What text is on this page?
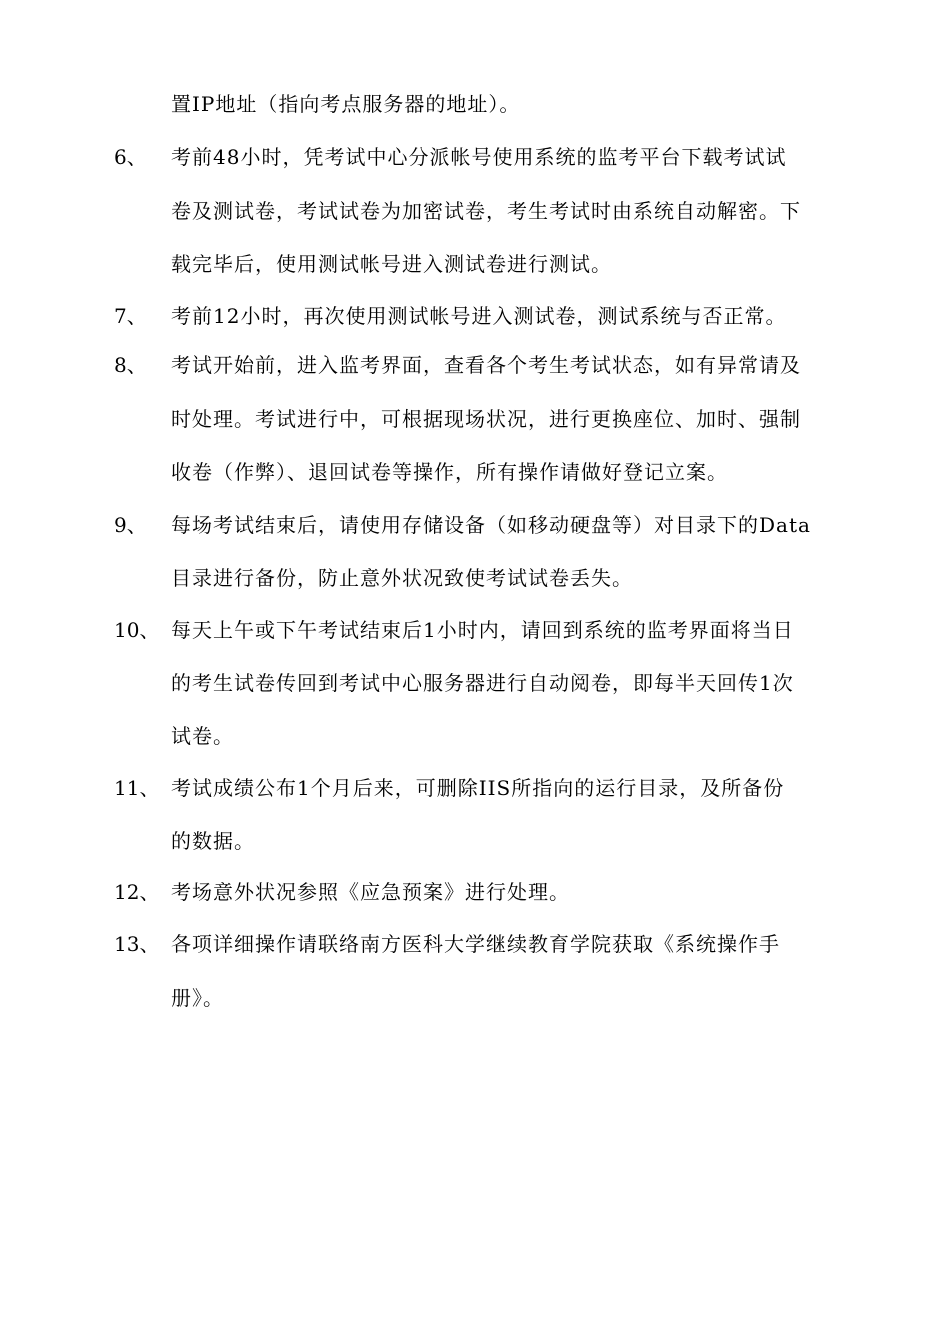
置IP地址（指向考点服务器的地址）。
6、 考前48小时，凭考试中心分派帐号使用系统的监考平台下载考试试
卷及测试卷，考试试卷为加密试卷，考生考试时由系统自动解密。下
载完毕后，使用测试帐号进入测试卷进行测试。
7、 考前12小时，再次使用测试帐号进入测试卷，测试系统与否正常。
8、 考试开始前，进入监考界面，查看各个考生考试状态，如有异常请及
时处理。考试进行中，可根据现场状况，进行更换座位、加时、强制
收卷（作弊）、退回试卷等操作，所有操作请做好登记立案。
9、 每场考试结束后，请使用存储设备（如移动硬盘等）对目录下的Data
目录进行备份，防止意外状况致使考试试卷丢失。
10、 每天上午或下午考试结束后1小时内，请回到系统的监考界面将当日
的考生试卷传回到考试中心服务器进行自动阅卷，即每半天回传1次
试卷。
11、 考试成绩公布1个月后来，可删除IIS所指向的运行目录，及所备份
的数据。
12、 考场意外状况参照《应急预案》进行处理。
13、 各项详细操作请联络南方医科大学继续教育学院获取《系统操作手
册》。
